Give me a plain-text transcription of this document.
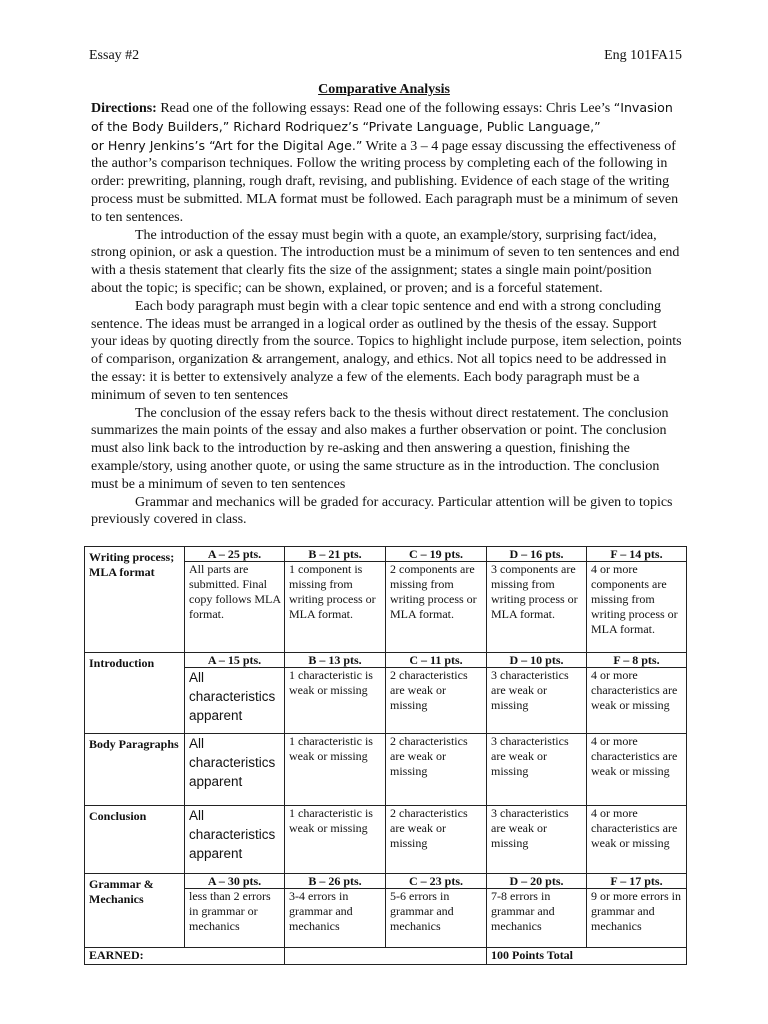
Essay #2	Eng 101FA15
Comparative Analysis

Directions: Read one of the following essays: Read one of the following essays: Chris Lee’s “Invasion of the Body Builders,” Richard Rodriquez’s “Private Language, Public Language,”
or Henry Jenkins’s “Art for the Digital Age.” Write a 3 – 4 page essay discussing the effectiveness of the author’s comparison techniques. Follow the writing process by completing each of the following in order: prewriting, planning, rough draft, revising, and publishing. Evidence of each stage of the writing process must be submitted. MLA format must be followed. Each paragraph must be a minimum of seven to ten sentences.

The introduction of the essay must begin with a quote, an example/story, surprising fact/idea, strong opinion, or ask a question. The introduction must be a minimum of seven to ten sentences and end with a thesis statement that clearly fits the size of the assignment; states a single main point/position about the topic; is specific; can be shown, explained, or proven; and is a forceful statement.

Each body paragraph must begin with a clear topic sentence and end with a strong concluding sentence. The ideas must be arranged in a logical order as outlined by the thesis of the essay. Support your ideas by quoting directly from the source. Topics to highlight include purpose, item selection, points of comparison, organization & arrangement, analogy, and ethics. Not all topics need to be addressed in the essay: it is better to extensively analyze a few of the elements. Each body paragraph must be a minimum of seven to ten sentences

The conclusion of the essay refers back to the thesis without direct restatement. The conclusion summarizes the main points of the essay and also makes a further observation or point. The conclusion must also link back to the introduction by re-asking and then answering a question, finishing the example/story, using another quote, or using the same structure as in the introduction. The conclusion must be a minimum of seven to ten sentences

Grammar and mechanics will be graded for accuracy. Particular attention will be given to topics previously covered in class.

Writing process; MLA format	A – 25 pts.	B – 21 pts.	C – 19 pts.	D – 16 pts.	F – 14 pts.
	All parts are submitted. Final copy follows MLA format.	1 component is missing from writing process or MLA format.	2 components are missing from writing process or MLA format.	3 components are missing from writing process or MLA format.	4 or more components are missing from writing process or MLA format.
Introduction	A – 15 pts.	B – 13 pts.	C – 11 pts.	D – 10 pts.	F – 8 pts.
	All characteristics apparent	1 characteristic is weak or missing	2 characteristics are weak or missing	3 characteristics are weak or missing	4 or more characteristics are weak or missing
Body Paragraphs	All characteristics apparent	1 characteristic is weak or missing	2 characteristics are weak or missing	3 characteristics are weak or missing	4 or more characteristics are weak or missing
Conclusion	All characteristics apparent	1 characteristic is weak or missing	2 characteristics are weak or missing	3 characteristics are weak or missing	4 or more characteristics are weak or missing
Grammar & Mechanics	A – 30 pts.	B – 26 pts.	C – 23 pts.	D – 20 pts.	F – 17 pts.
	less than 2 errors in grammar or mechanics	3-4 errors in grammar and mechanics	5-6 errors in grammar and mechanics	7-8 errors in grammar and mechanics	9 or more errors in grammar and mechanics
EARNED:				100 Points Total	
